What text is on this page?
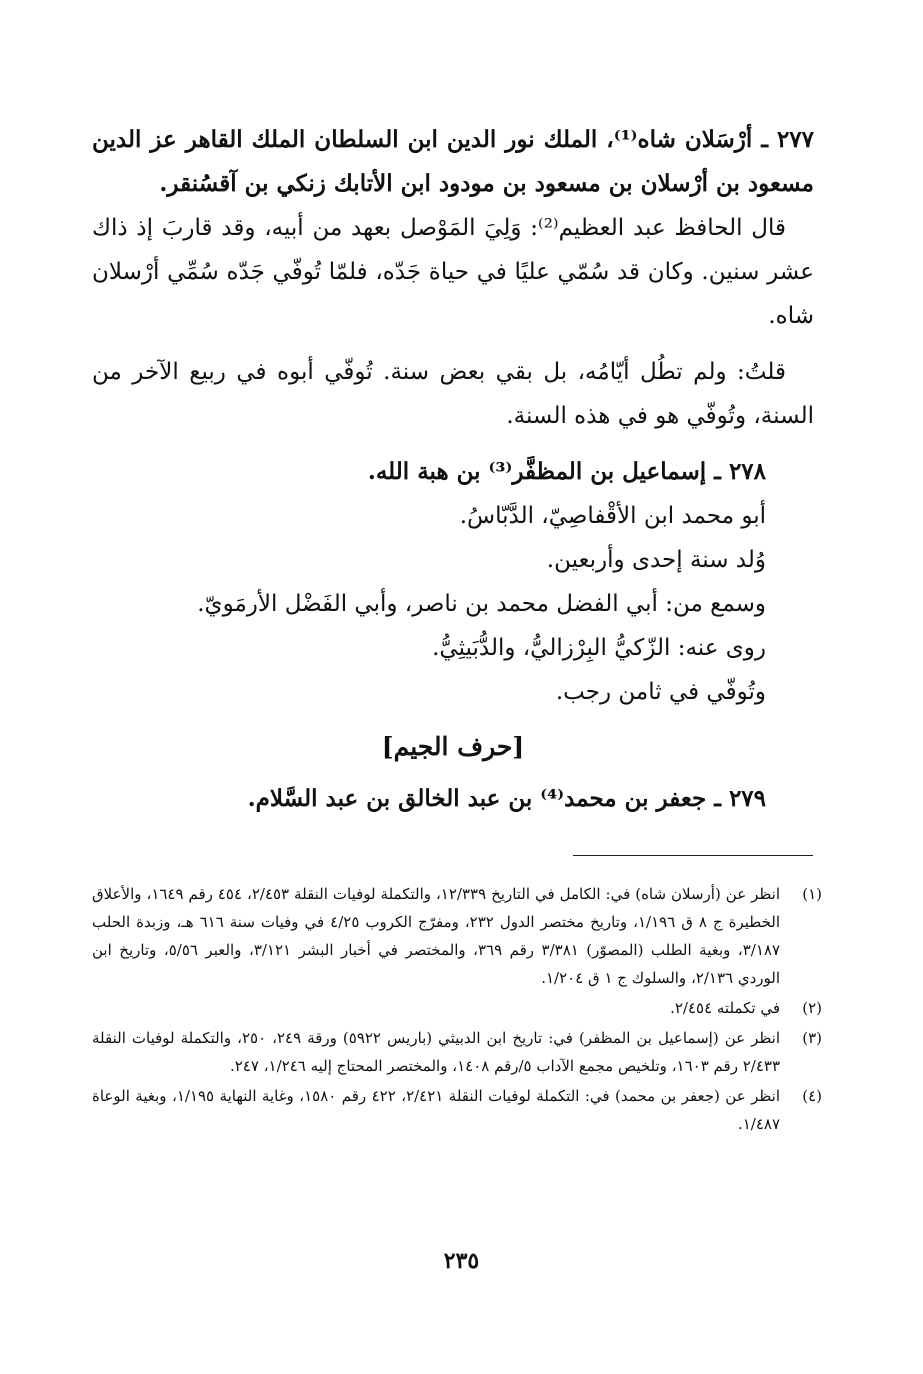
٢٧٧ ـ أرْسَلان شاه⁽¹⁾، الملك نور الدين ابن السلطان الملك القاهر عز الدين مسعود بن أرْسلان بن مسعود بن مودود ابن الأتابك زنكي بن آقسُنقر.

قال الحافظ عبد العظيم⁽²⁾: وَلِيَ المَوْصل بعهد من أبيه، وقد قاربَ إذ ذاك عشر سنين. وكان قد سُمّي عليًا في حياة جَدّه، فلمّا تُوفّي جَدّه سُمِّي أرْسلان شاه.

قلتُ: ولم تطُل أيّامُه، بل بقي بعض سنة. تُوفّي أبوه في ربيع الآخر من السنة، وتُوفّي هو في هذه السنة.

٢٧٨ ـ إسماعيل بن المظفَّر⁽³⁾ بن هبة الله.

أبو محمد ابن الأقْفاصِيّ، الدَّبّاسُ.

وُلد سنة إحدى وأربعين.

وسمع من: أبي الفضل محمد بن ناصر، وأبي الفَضْل الأرمَويّ.

روى عنه: الزّكيُّ البِرْزاليُّ، والدُّبَيثِيُّ.

وتُوفّي في ثامن رجب.

[حرف الجيم]

٢٧٩ ـ جعفر بن محمد⁽⁴⁾ بن عبد الخالق بن عبد السَّلام.

(١)
انظر عن (أرسلان شاه) في: الكامل في التاريخ ١٢/٣٣٩، والتكملة لوفيات النقلة ٢/٤٥٣، ٤٥٤ رقم ١٦٤٩، والأعلاق الخطيرة ج ٨ ق ١/١٩٦، وتاريخ مختصر الدول ٢٣٢، ومفرّج الكروب ٤/٢٥ في وفيات سنة ٦١٦ هـ، وزبدة الحلب ٣/١٨٧، وبغية الطلب (المصوّر) ٣/٣٨١ رقم ٣٦٩، والمختصر في أخبار البشر ٣/١٢١، والعبر ٥/٥٦، وتاريخ ابن الوردي ٢/١٣٦، والسلوك ج ١ ق ١/٢٠٤.
(٢)
في تكملته ٢/٤٥٤.
(٣)
انظر عن (إسماعيل بن المظفر) في: تاريخ ابن الدبيثي (باريس ٥٩٢٢) ورقة ٢٤٩، ٢٥٠، والتكملة لوفيات النقلة ٢/٤٣٣ رقم ١٦٠٣، وتلخيص مجمع الآداب ٥/رقم ١٤٠٨، والمختصر المحتاج إليه ١/٢٤٦، ٢٤٧.
(٤)
انظر عن (جعفر بن محمد) في: التكملة لوفيات النقلة ٢/٤٢١، ٤٢٢ رقم ١٥٨٠، وغاية النهاية ١/١٩٥، وبغية الوعاة ١/٤٨٧.
٢٣٥
